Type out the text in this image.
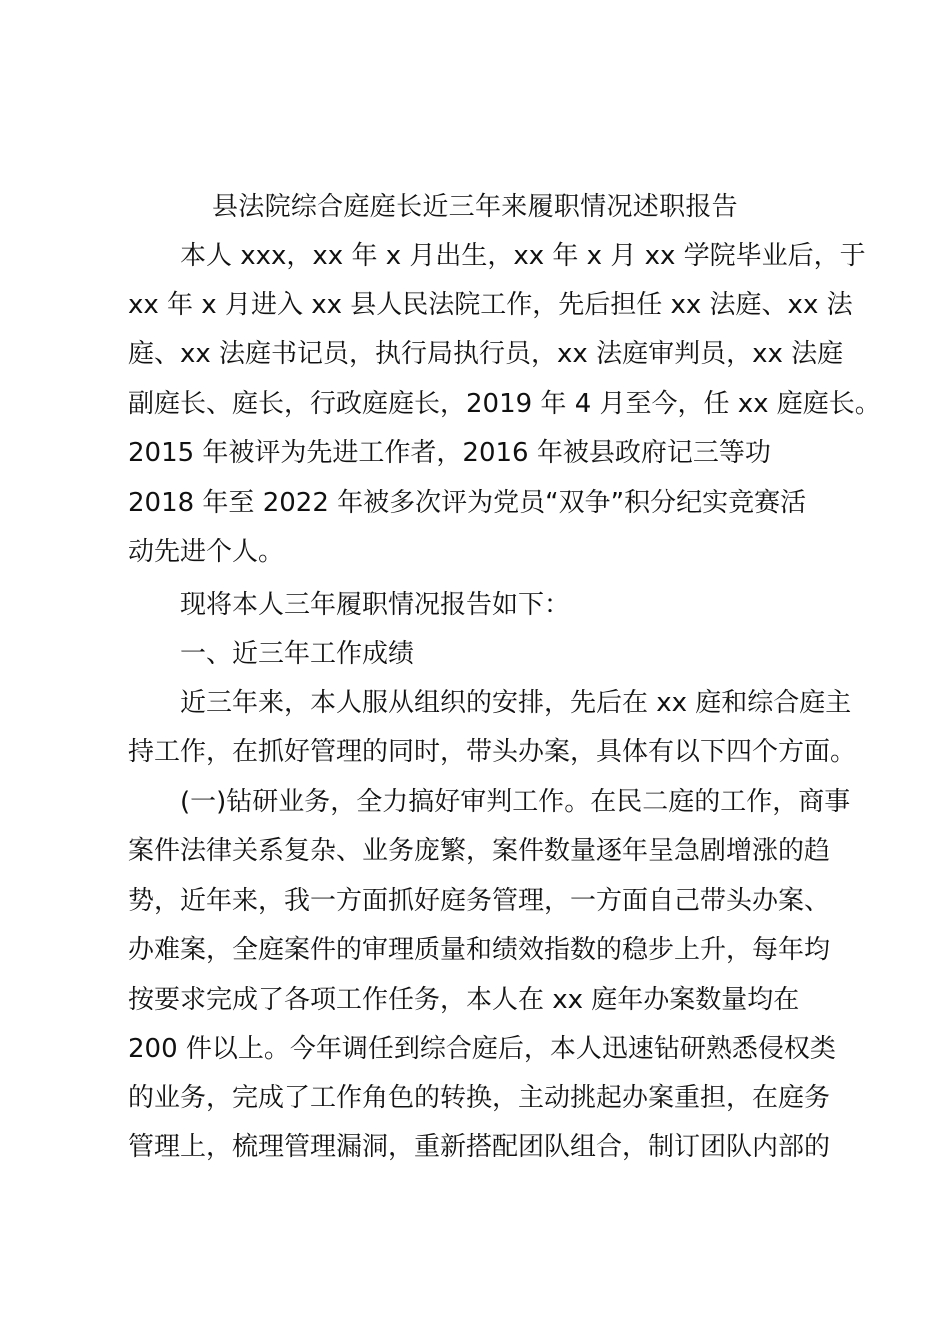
县法院综合庭庭长近三年来履职情况述职报告
本人 xxx，xx 年 x 月出生，xx 年 x 月 xx 学院毕业后，于
xx 年 x 月进入 xx 县人民法院工作，先后担任 xx 法庭、xx 法
庭、xx 法庭书记员，执行局执行员，xx 法庭审判员，xx 法庭
副庭长、庭长，行政庭庭长，2019 年 4 月至今，任 xx 庭庭长。
2015 年被评为先进工作者，2016 年被县政府记三等功
2018 年至 2022 年被多次评为党员“双争”积分纪实竞赛活
动先进个人。
现将本人三年履职情况报告如下：
一、近三年工作成绩
近三年来，本人服从组织的安排，先后在 xx 庭和综合庭主
持工作，在抓好管理的同时，带头办案，具体有以下四个方面。
(一)钻研业务，全力搞好审判工作。在民二庭的工作，商事
案件法律关系复杂、业务庞繁，案件数量逐年呈急剧增涨的趋
势，近年来，我一方面抓好庭务管理，一方面自己带头办案、
办难案，全庭案件的审理质量和绩效指数的稳步上升，每年均
按要求完成了各项工作任务，本人在 xx 庭年办案数量均在
200 件以上。今年调任到综合庭后，本人迅速钻研熟悉侵权类
的业务，完成了工作角色的转换，主动挑起办案重担，在庭务
管理上，梳理管理漏洞，重新搭配团队组合，制订团队内部的
